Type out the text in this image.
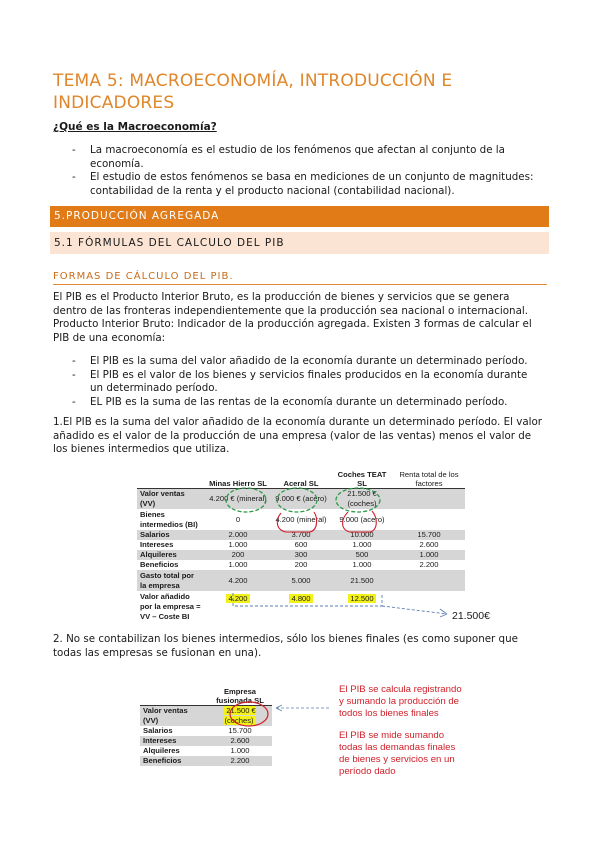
TEMA 5: MACROECONOMÍA, INTRODUCCIÓN E INDICADORES
¿Qué es la Macroeconomía?
- La macroeconomía es el estudio de los fenómenos que afectan al conjunto de la economía.
- El estudio de estos fenómenos se basa en mediciones de un conjunto de magnitudes: contabilidad de la renta y el producto nacional (contabilidad nacional).
5.PRODUCCIÓN AGREGADA
5.1 FÓRMULAS DEL CALCULO DEL PIB
FORMAS DE CÁLCULO DEL PIB.
El PIB es el Producto Interior Bruto, es la producción de bienes y servicios que se genera dentro de las fronteras independientemente que la producción sea nacional o internacional. Producto Interior Bruto: Indicador de la producción agregada. Existen 3 formas de calcular el PIB de una economía:
- El PIB es la suma del valor añadido de la economía durante un determinado período.
- El PIB es el valor de los bienes y servicios finales producidos en la economía durante un determinado período.
- EL PIB es la suma de las rentas de la economía durante un determinado período.
1.El PIB es la suma del valor añadido de la economía durante un determinado período. El valor añadido es el valor de la producción de una empresa (valor de las ventas) menos el valor de los bienes intermedios que utiliza.
	Minas Hierro SL	Aceral SL	Coches TEAT SL	Renta total de los factores
Valor ventas (VV)	4.200 € (mineral)	9.000 € (acero)	21.500 € (coches)	
Bienes intermedios (BI)	0	4.200 (mineral)	9.000 (acero)	
Salarios	2.000	3.700	10.000	15.700
Intereses	1.000	600	1.000	2.600
Alquileres	200	300	500	1.000
Beneficios	1.000	200	1.000	2.200
Gasto total por la empresa	4.200	5.000	21.500	
Valor añadido por la empresa = VV – Coste BI	4.200	4.800	12.500	
21.500€
2. No se contabilizan los bienes intermedios, sólo los bienes finales (es como suponer que todas las empresas se fusionan en una).
	Empresa fusionada SL
Valor ventas (VV)	21.500 € (coches)
Salarios	15.700
Intereses	2.600
Alquileres	1.000
Beneficios	2.200
El PIB se calcula registrando y sumando la producción de todos los bienes finales
El PIB se mide sumando todas las demandas finales de bienes y servicios en un período dado
